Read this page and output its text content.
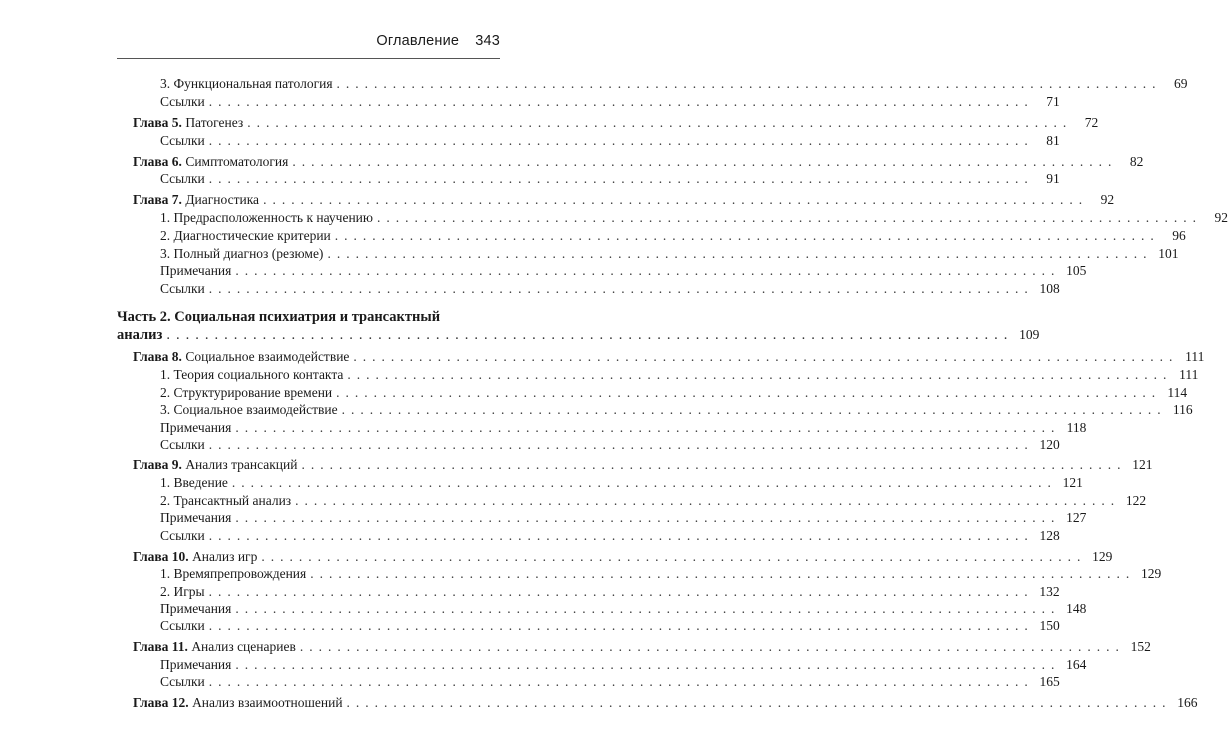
Оглавление 343
3. Функциональная патология ........................................................................................ 69
Ссылки ........................................................................................ 71
Глава 5. Патогенез ........................................................................................ 72
Ссылки ........................................................................................ 81
Глава 6. Симптоматология ........................................................................................ 82
Ссылки ........................................................................................ 91
Глава 7. Диагностика ........................................................................................ 92
1. Предрасположенность к научению ........................................................................................ 92
2. Диагностические критерии ........................................................................................ 96
3. Полный диагноз (резюме) ........................................................................................ 101
Примечания ........................................................................................ 105
Ссылки ........................................................................................ 108
Часть 2. Социальная психиатрия и трансактный
анализ ........................................................................................ 109
Глава 8. Социальное взаимодействие ........................................................................................ 111
1. Теория социального контакта ........................................................................................ 111
2. Структурирование времени ........................................................................................ 114
3. Социальное взаимодействие ........................................................................................ 116
Примечания ........................................................................................ 118
Ссылки ........................................................................................ 120
Глава 9. Анализ трансакций ........................................................................................ 121
1. Введение ........................................................................................ 121
2. Трансактный анализ ........................................................................................ 122
Примечания ........................................................................................ 127
Ссылки ........................................................................................ 128
Глава 10. Анализ игр ........................................................................................ 129
1. Времяпрепровождения ........................................................................................ 129
2. Игры ........................................................................................ 132
Примечания ........................................................................................ 148
Ссылки ........................................................................................ 150
Глава 11. Анализ сценариев ........................................................................................ 152
Примечания ........................................................................................ 164
Ссылки ........................................................................................ 165
Глава 12. Анализ взаимоотношений ........................................................................................ 166
